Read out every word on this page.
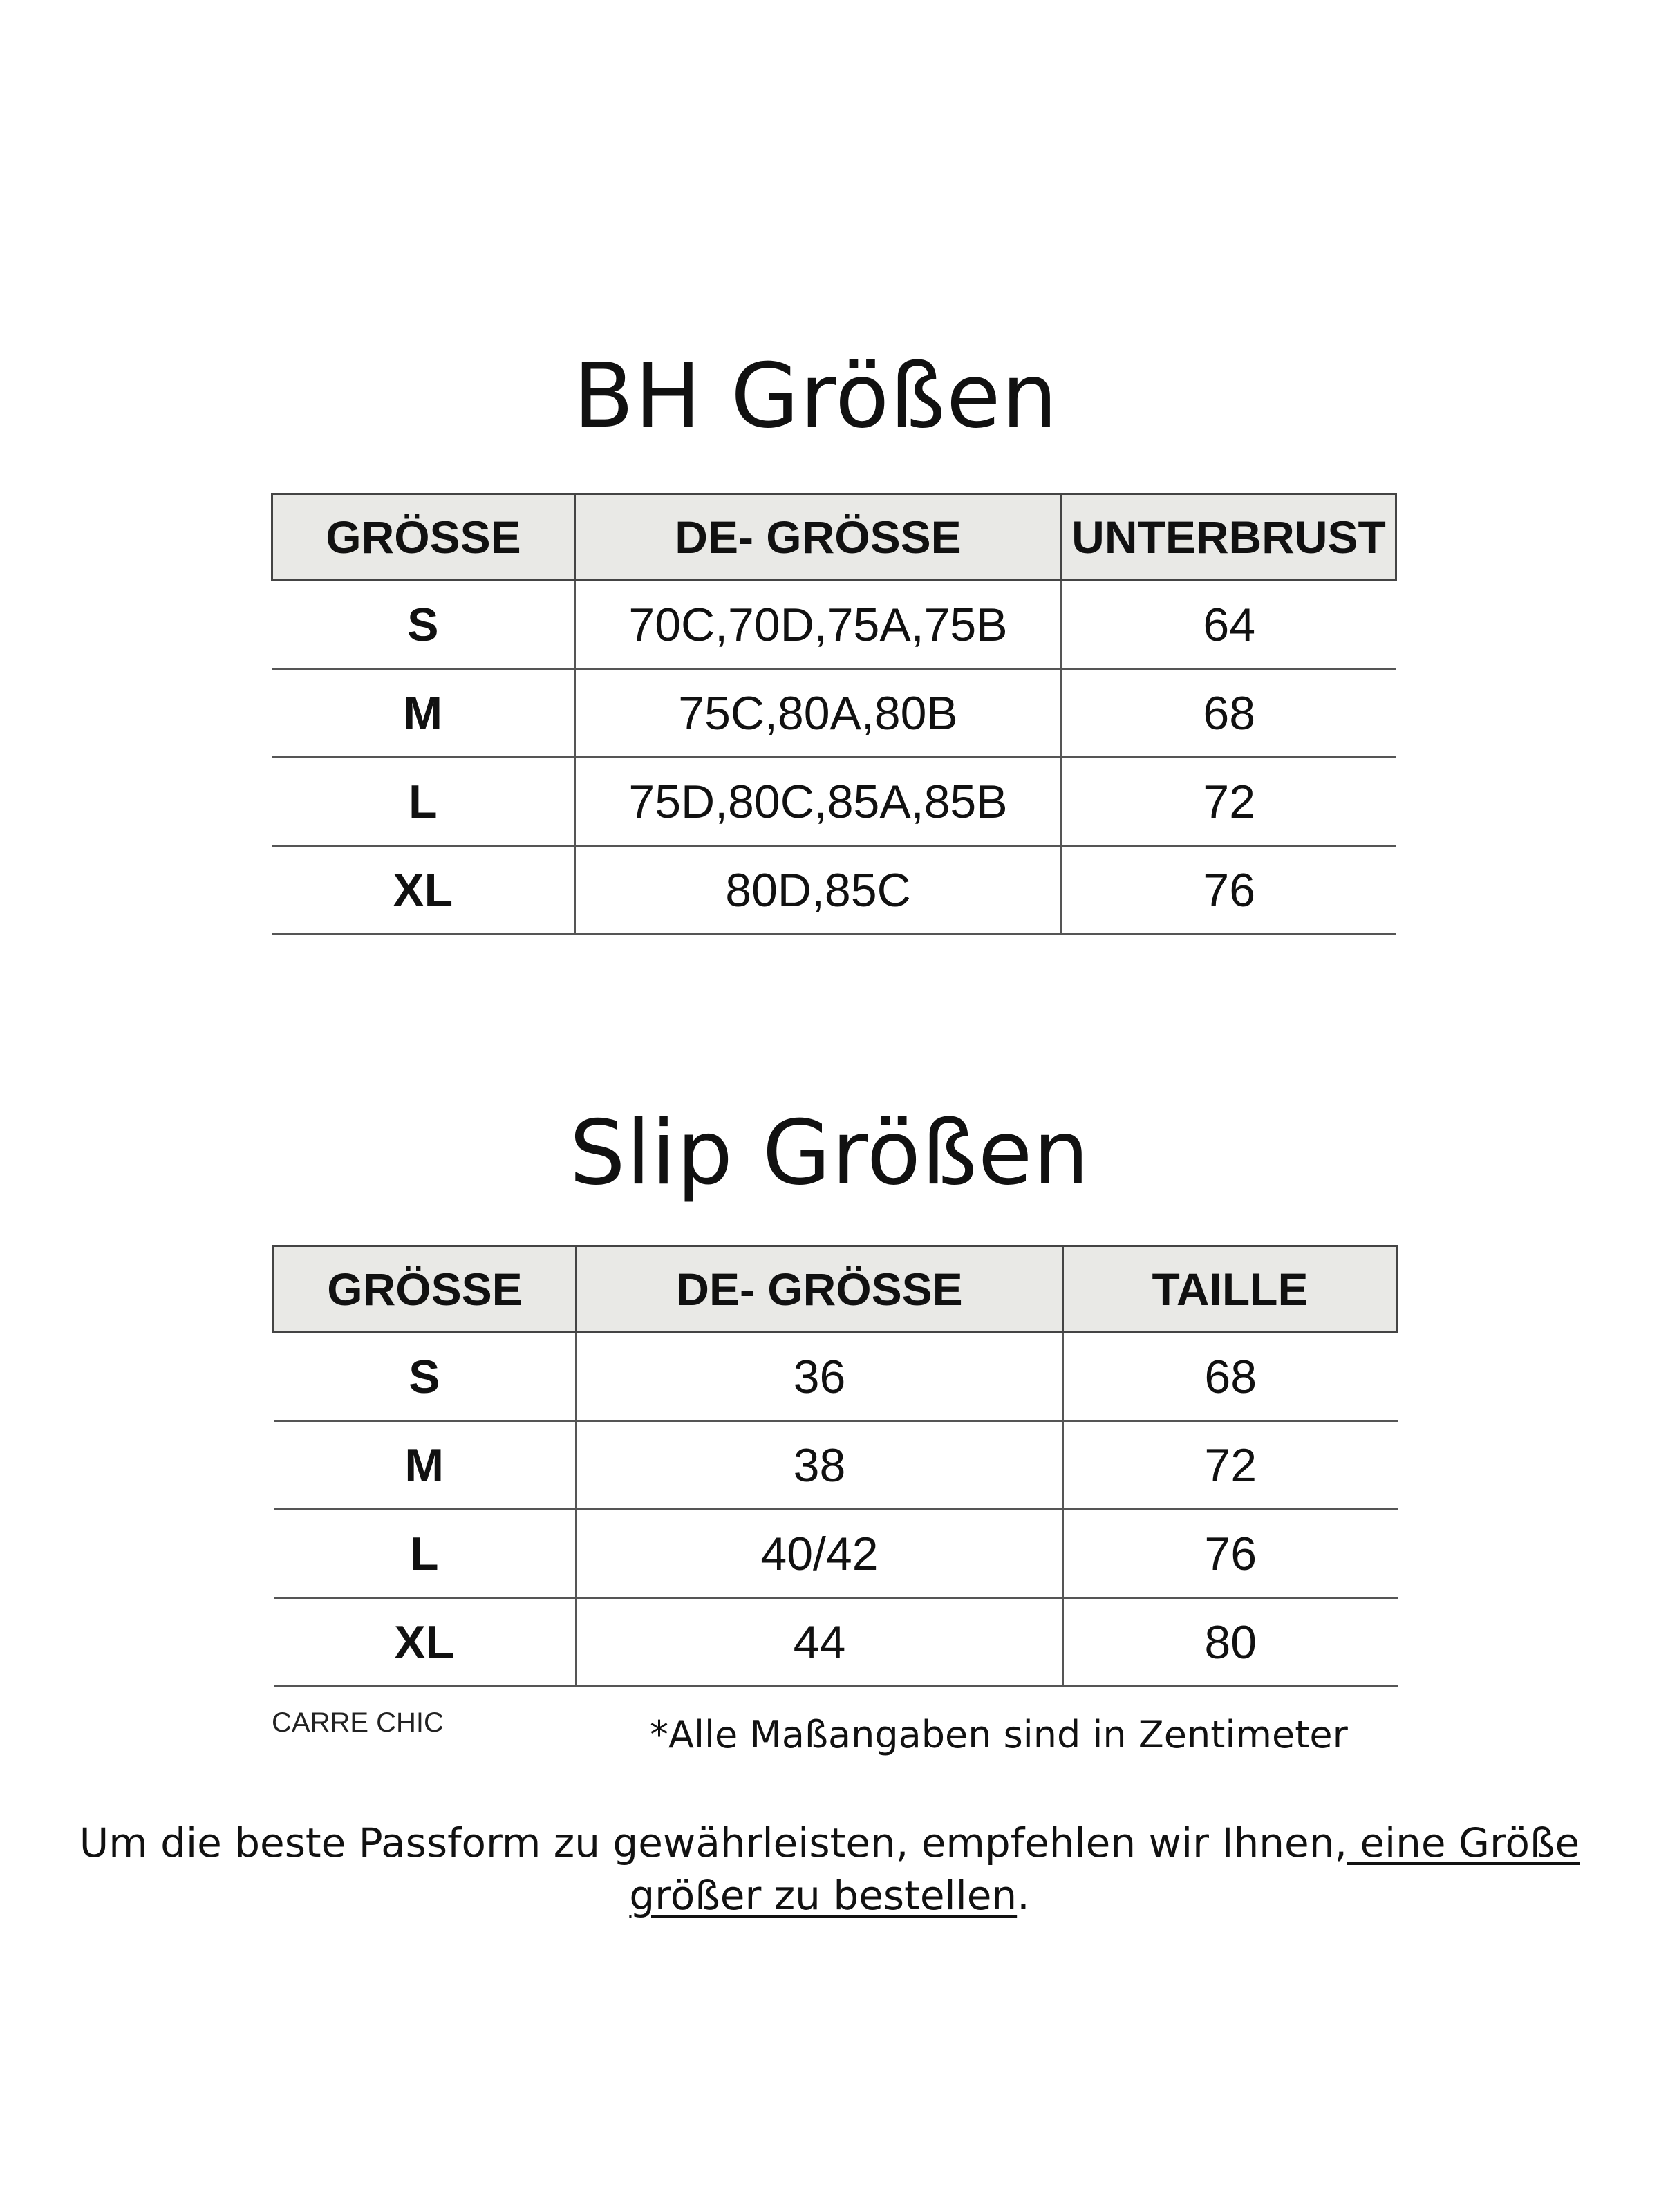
BH Größen
GRÖSSE	DE- GRÖSSE	UNTERBRUST
S	70C,70D,75A,75B	64
M	75C,80A,80B	68
L	75D,80C,85A,85B	72
XL	80D,85C	76
Slip Größen
GRÖSSE	DE- GRÖSSE	TAILLE
S	36	68
M	38	72
L	40/42	76
XL	44	80
CARRE CHIC	*Alle Maßangaben sind in Zentimeter

Um die beste Passform zu gewährleisten, empfehlen wir Ihnen, eine Größe größer zu bestellen.
